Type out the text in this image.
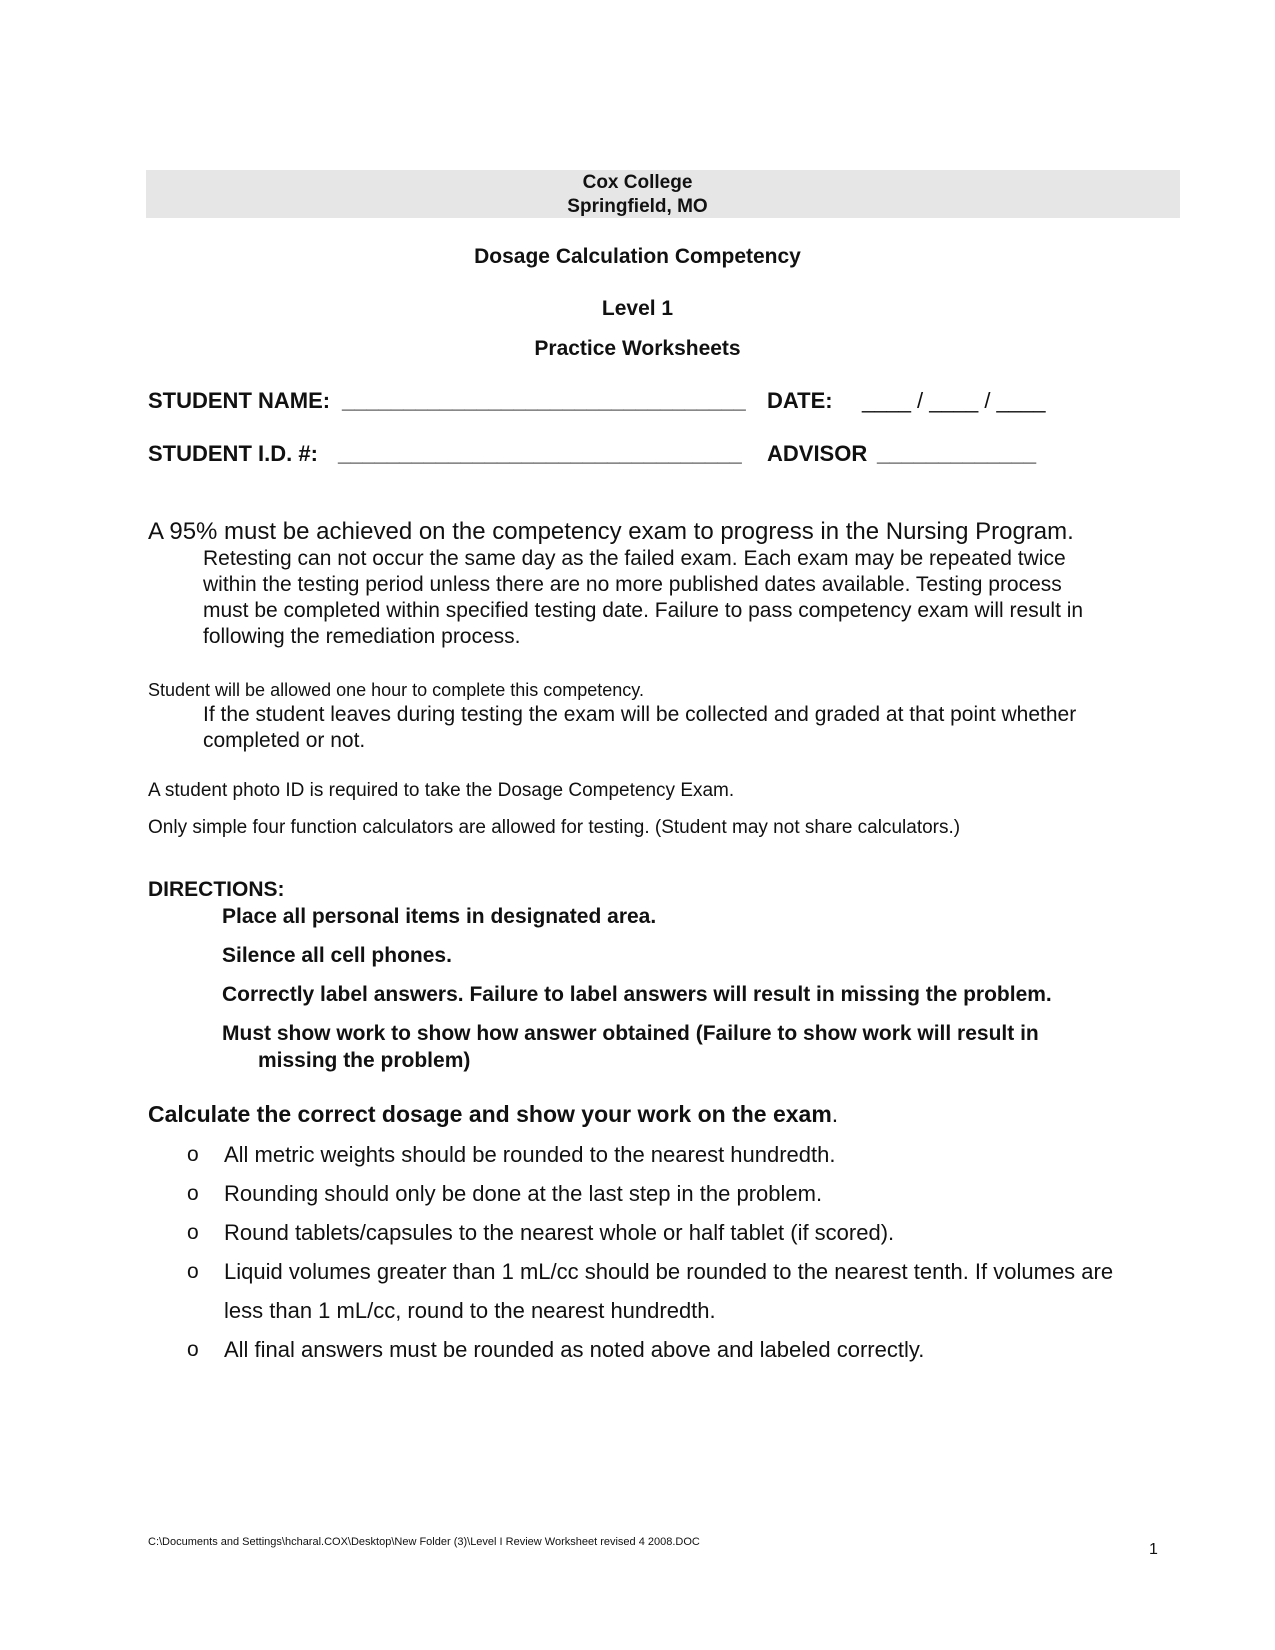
Cox College
Springfield, MO
Dosage Calculation Competency
Level 1
Practice Worksheets
STUDENT NAME: _________________________________ DATE: ____ / ____ / ____
STUDENT I.D. #: _________________________________ ADVISOR _____________
A 95% must be achieved on the competency exam to progress in the Nursing Program.
Retesting can not occur the same day as the failed exam. Each exam may be repeated twice
within the testing period unless there are no more published dates available. Testing process
must be completed within specified testing date. Failure to pass competency exam will result in
following the remediation process.
Student will be allowed one hour to complete this competency.
If the student leaves during testing the exam will be collected and graded at that point whether
completed or not.
A student photo ID is required to take the Dosage Competency Exam.
Only simple four function calculators are allowed for testing. (Student may not share calculators.)
DIRECTIONS:
Place all personal items in designated area.
Silence all cell phones.
Correctly label answers. Failure to label answers will result in missing the problem.
Must show work to show how answer obtained (Failure to show work will result in
missing the problem)
Calculate the correct dosage and show your work on the exam.
o All metric weights should be rounded to the nearest hundredth.
o Rounding should only be done at the last step in the problem.
o Round tablets/capsules to the nearest whole or half tablet (if scored).
o Liquid volumes greater than 1 mL/cc should be rounded to the nearest tenth. If volumes are
less than 1 mL/cc, round to the nearest hundredth.
o All final answers must be rounded as noted above and labeled correctly.
C:\Documents and Settings\hcharal.COX\Desktop\New Folder (3)\Level I Review Worksheet revised 4 2008.DOC	1
